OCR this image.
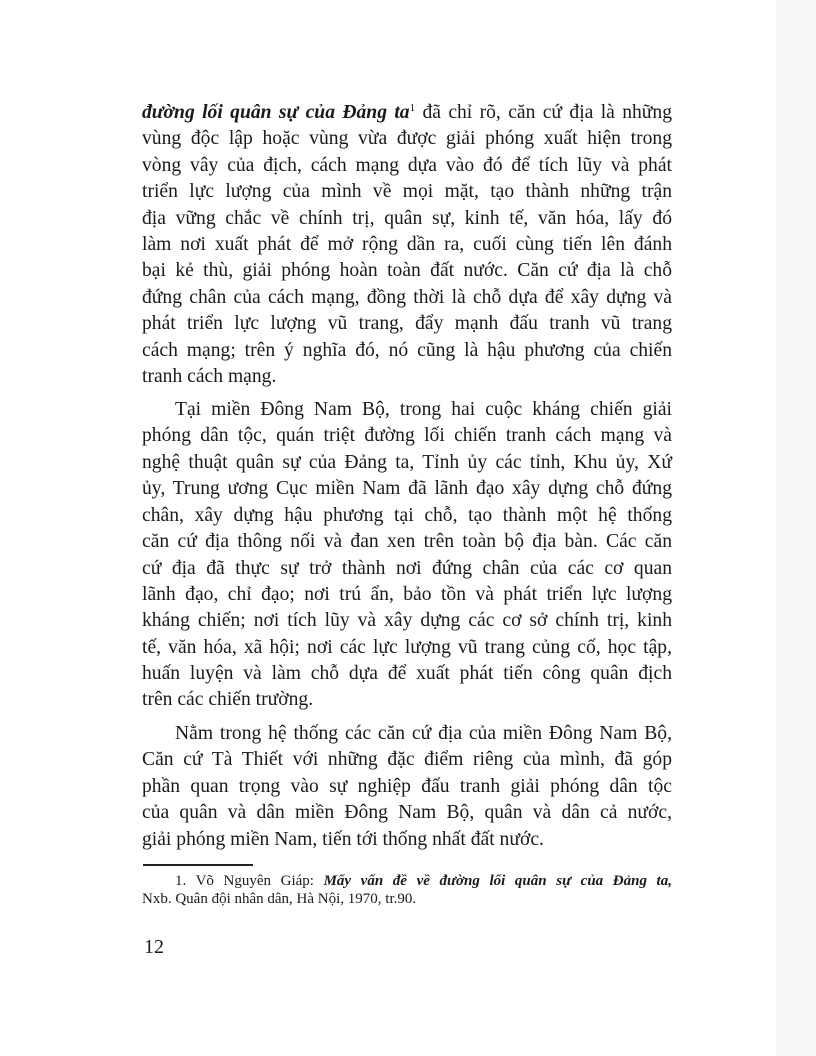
đường lối quân sự của Đảng $ta^1$ đã chỉ rõ, căn cứ địa là những
vùng độc lập hoặc vùng vừa được giải phóng xuất hiện trong
vòng vây của địch, cách mạng dựa vào đó để tích lũy và phát
triển lực lượng của mình về mọi mặt, tạo thành những trận
địa vững chắc về chính trị, quân sự, kinh tế, văn hóa, lấy đó
làm nơi xuất phát để mở rộng dần ra, cuối cùng tiến lên đánh
bại kẻ thù, giải phóng hoàn toàn đất nước. Căn cứ địa là chỗ
đứng chân của cách mạng, đồng thời là chỗ dựa để xây dựng và
phát triển lực lượng vũ trang, đẩy mạnh đấu tranh vũ trang
cách mạng; trên ý nghĩa đó, nó cũng là hậu phương của chiến
tranh cách mạng.
Tại miền Đông Nam Bộ, trong hai cuộc kháng chiến giải
phóng dân tộc, quán triệt đường lối chiến tranh cách mạng và
nghệ thuật quân sự của Đảng ta, Tỉnh ủy các tỉnh, Khu ủy, Xứ
ủy, Trung ương Cục miền Nam đã lãnh đạo xây dựng chỗ đứng
chân, xây dựng hậu phương tại chỗ, tạo thành một hệ thống
căn cứ địa thông nối và đan xen trên toàn bộ địa bàn. Các căn
cứ địa đã thực sự trở thành nơi đứng chân của các cơ quan
lãnh đạo, chỉ đạo; nơi trú ẩn, bảo tồn và phát triển lực lượng
kháng chiến; nơi tích lũy và xây dựng các cơ sở chính trị, kinh
tế, văn hóa, xã hội; nơi các lực lượng vũ trang củng cố, học tập,
huấn luyện và làm chỗ dựa để xuất phát tiến công quân địch
trên các chiến trường.
Nằm trong hệ thống các căn cứ địa của miền Đông Nam Bộ,
Căn cứ Tà Thiết với những đặc điểm riêng của mình, đã góp
phần quan trọng vào sự nghiệp đấu tranh giải phóng dân tộc
của quân và dân miền Đông Nam Bộ, quân và dân cả nước,
giải phóng miền Nam, tiến tới thống nhất đất nước.
1. Võ Nguyên Giáp: Mấy vấn đề về đường lối quân sự của Đảng ta,
Nxb. Quân đội nhân dân, Hà Nội, 1970, tr.90.
12
